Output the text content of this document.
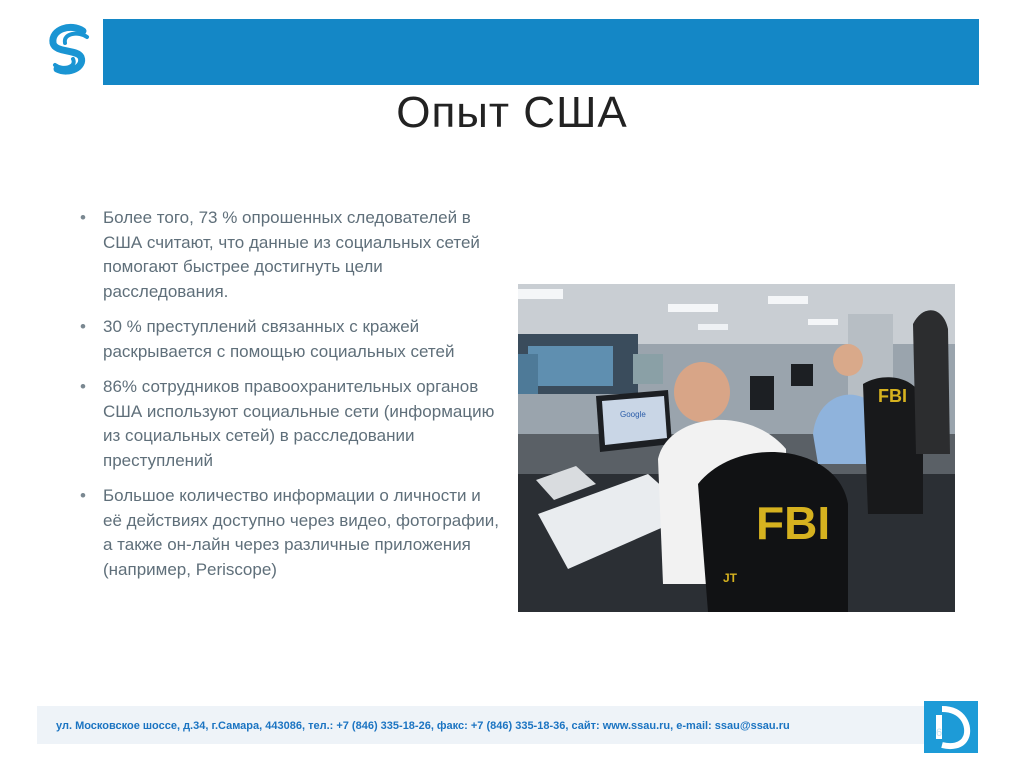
Опыт США
• Более того, 73 % опрошенных следователей в США считают, что данные из социальных сетей помогают быстрее достигнуть цели расследования.
• 30 % преступлений связанных с кражей раскрывается с помощью социальных сетей
• 86% сотрудников правоохранительных органов США используют социальные сети (информацию из социальных сетей) в расследовании преступлений
• Большое количество информации о личности и её действиях доступно через видео, фотографии, а также он-лайн через различные приложения (например, Periscope)
Google
FBI
JT
FBI
ул. Московское шоссе, д.34, г.Самара, 443086, тел.: +7 (846) 335-18-26, факс: +7 (846) 335-18-36, сайт: www.ssau.ru, e-mail: ssau@ssau.ru
6
